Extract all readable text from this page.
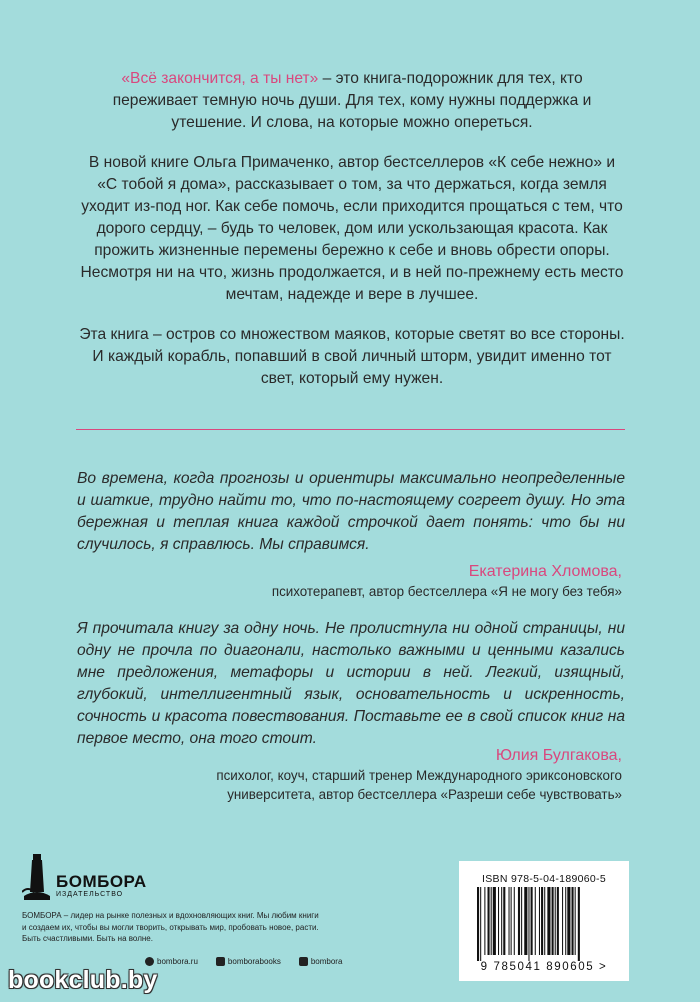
«Всё закончится, а ты нет» – это книга-подорожник для тех, кто переживает темную ночь души. Для тех, кому нужны поддержка и утешение. И слова, на которые можно опереться.

В новой книге Ольга Примаченко, автор бестселлеров «К себе нежно» и «С тобой я дома», рассказывает о том, за что держаться, когда земля уходит из-под ног. Как себе помочь, если приходится прощаться с тем, что дорого сердцу, – будь то человек, дом или ускользающая красота. Как прожить жизненные перемены бережно к себе и вновь обрести опоры. Несмотря ни на что, жизнь продолжается, и в ней по-прежнему есть место мечтам, надежде и вере в лучшее.

Эта книга – остров со множеством маяков, которые светят во все стороны. И каждый корабль, попавший в свой личный шторм, увидит именно тот свет, который ему нужен.

Во времена, когда прогнозы и ориентиры максимально неопределенные и шаткие, трудно найти то, что по-настоящему согреет душу. Но эта бережная и теплая книга каждой строчкой дает понять: что бы ни случилось, я справлюсь. Мы справимся.
Екатерина Хломова,
психотерапевт, автор бестселлера «Я не могу без тебя»
Я прочитала книгу за одну ночь. Не пролистнула ни одной страницы, ни одну не прочла по диагонали, настолько важными и ценными казались мне предложения, метафоры и истории в ней. Легкий, изящный, глубокий, интеллигентный язык, основательность и искренность, сочность и красота повествования. Поставьте ее в свой список книг на первое место, она того стоит.
Юлия Булгакова,
психолог, коуч, старший тренер Международного эриксоновского
университета, автор бестселлера «Разреши себе чувствовать»
БОМБОРА
ИЗДАТЕЛЬСТВО
БОМБОРА – лидер на рынке полезных и вдохновляющих книг. Мы любим книги и создаем их, чтобы вы могли творить, открывать мир, пробовать новое, расти. Быть счастливыми. Быть на волне.
bombora.ru	bomborabooks	bombora
ISBN 978-5-04-189060-5
9 785041 890605 >
bookclub.by
